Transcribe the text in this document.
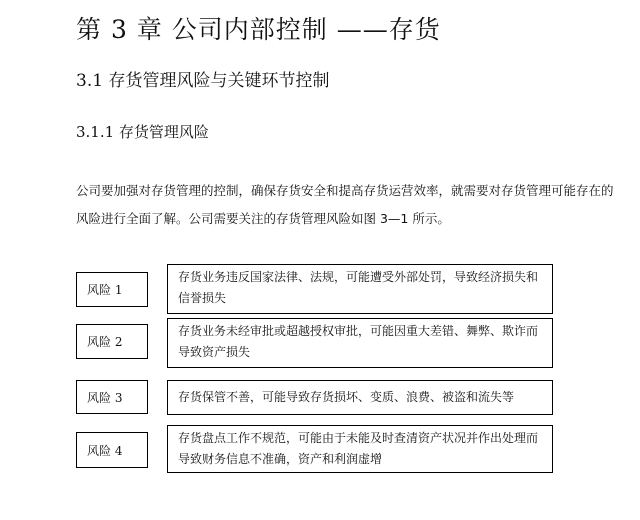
第 3 章 公司内部控制 ——存货
3.1 存货管理风险与关键环节控制
3.1.1 存货管理风险
公司要加强对存货管理的控制，确保存货安全和提高存货运营效率，就需要对存货管理可能存在的风险进行全面了解。公司需要关注的存货管理风险如图 3—1 所示。
风险 1
存货业务违反国家法律、法规，可能遭受外部处罚，导致经济损失和信誉损失
风险 2
存货业务未经审批或超越授权审批，可能因重大差错、舞弊、欺诈而导致资产损失
风险 3	存货保管不善，可能导致存货损坏、变质、浪费、被盗和流失等
风险 4
存货盘点工作不规范，可能由于未能及时查清资产状况并作出处理而导致财务信息不准确，资产和利润虚增
